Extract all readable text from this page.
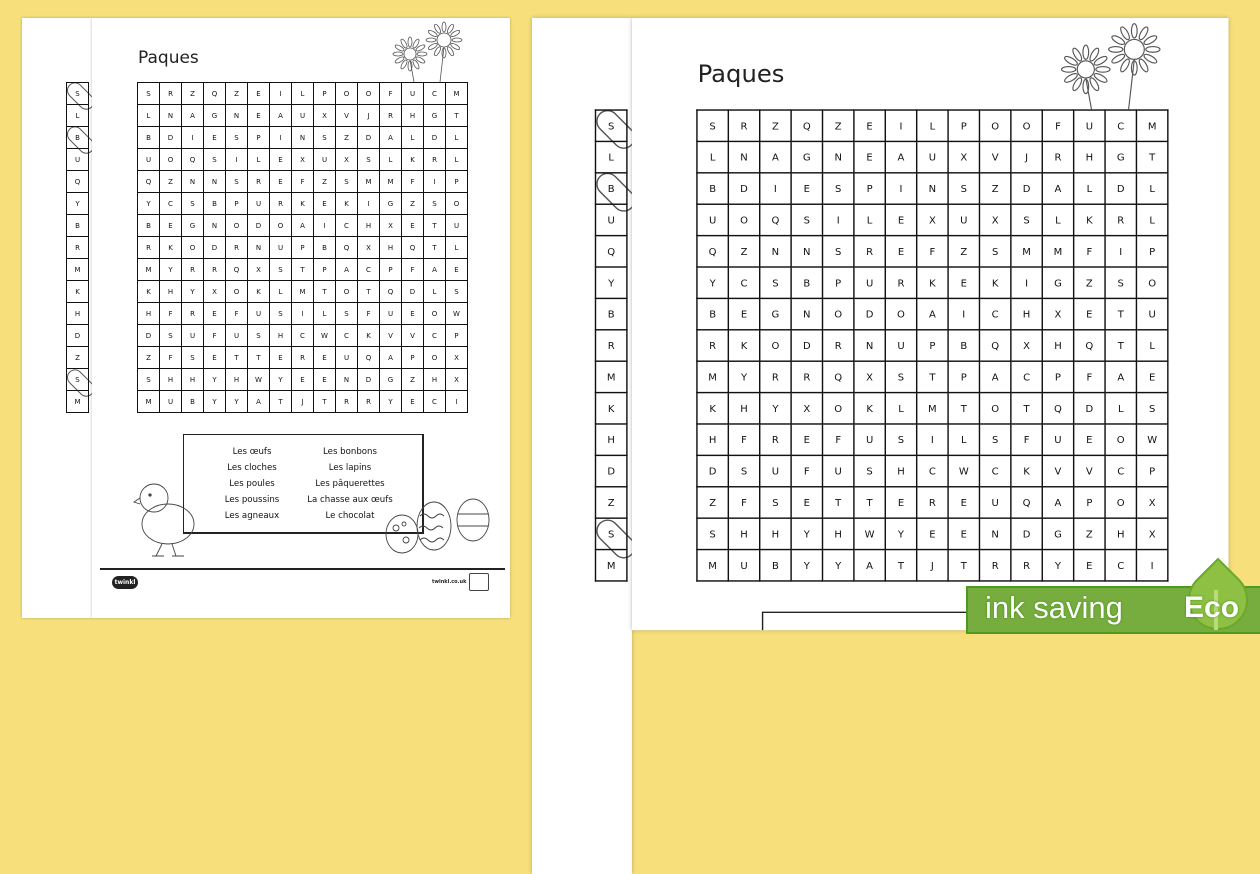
S
L
B
U
Q
Y
B
R
M
K
H
D
Z
S
M
Paques
S	R	Z	Q	Z	E	I	L	P	O	O	F	U	C	M
L	N	A	G	N	E	A	U	X	V	J	R	H	G	T
B	D	I	E	S	P	I	N	S	Z	D	A	L	D	L
U	O	Q	S	I	L	E	X	U	X	S	L	K	R	L
Q	Z	N	N	S	R	E	F	Z	S	M	M	F	I	P
Y	C	S	B	P	U	R	K	E	K	I	G	Z	S	O
B	E	G	N	O	D	O	A	I	C	H	X	E	T	U
R	K	O	D	R	N	U	P	B	Q	X	H	Q	T	L
M	Y	R	R	Q	X	S	T	P	A	C	P	F	A	E
K	H	Y	X	O	K	L	M	T	O	T	Q	D	L	S
H	F	R	E	F	U	S	I	L	S	F	U	E	O	W
D	S	U	F	U	S	H	C	W	C	K	V	V	C	P
Z	F	S	E	T	T	E	R	E	U	Q	A	P	O	X
S	H	H	Y	H	W	Y	E	E	N	D	G	Z	H	X
M	U	B	Y	Y	A	T	J	T	R	R	Y	E	C	I
Les œufs
Les cloches
Les poules
Les poussins
Les agneaux
Les bonbons
Les lapins
Les pâquerettes
La chasse aux œufs
Le chocolat
twinkl	twinkl.co.uk
S
L
B
U
Q
Y
B
R
M
K
H
D
Z
S
M
Paques
S	R	Z	Q	Z	E	I	L	P	O	O	F	U	C	M
L	N	A	G	N	E	A	U	X	V	J	R	H	G	T
B	D	I	E	S	P	I	N	S	Z	D	A	L	D	L
U	O	Q	S	I	L	E	X	U	X	S	L	K	R	L
Q	Z	N	N	S	R	E	F	Z	S	M	M	F	I	P
Y	C	S	B	P	U	R	K	E	K	I	G	Z	S	O
B	E	G	N	O	D	O	A	I	C	H	X	E	T	U
R	K	O	D	R	N	U	P	B	Q	X	H	Q	T	L
M	Y	R	R	Q	X	S	T	P	A	C	P	F	A	E
K	H	Y	X	O	K	L	M	T	O	T	Q	D	L	S
H	F	R	E	F	U	S	I	L	S	F	U	E	O	W
D	S	U	F	U	S	H	C	W	C	K	V	V	C	P
Z	F	S	E	T	T	E	R	E	U	Q	A	P	O	X
S	H	H	Y	H	W	Y	E	E	N	D	G	Z	H	X
M	U	B	Y	Y	A	T	J	T	R	R	Y	E	C	I
ink saving Eco
